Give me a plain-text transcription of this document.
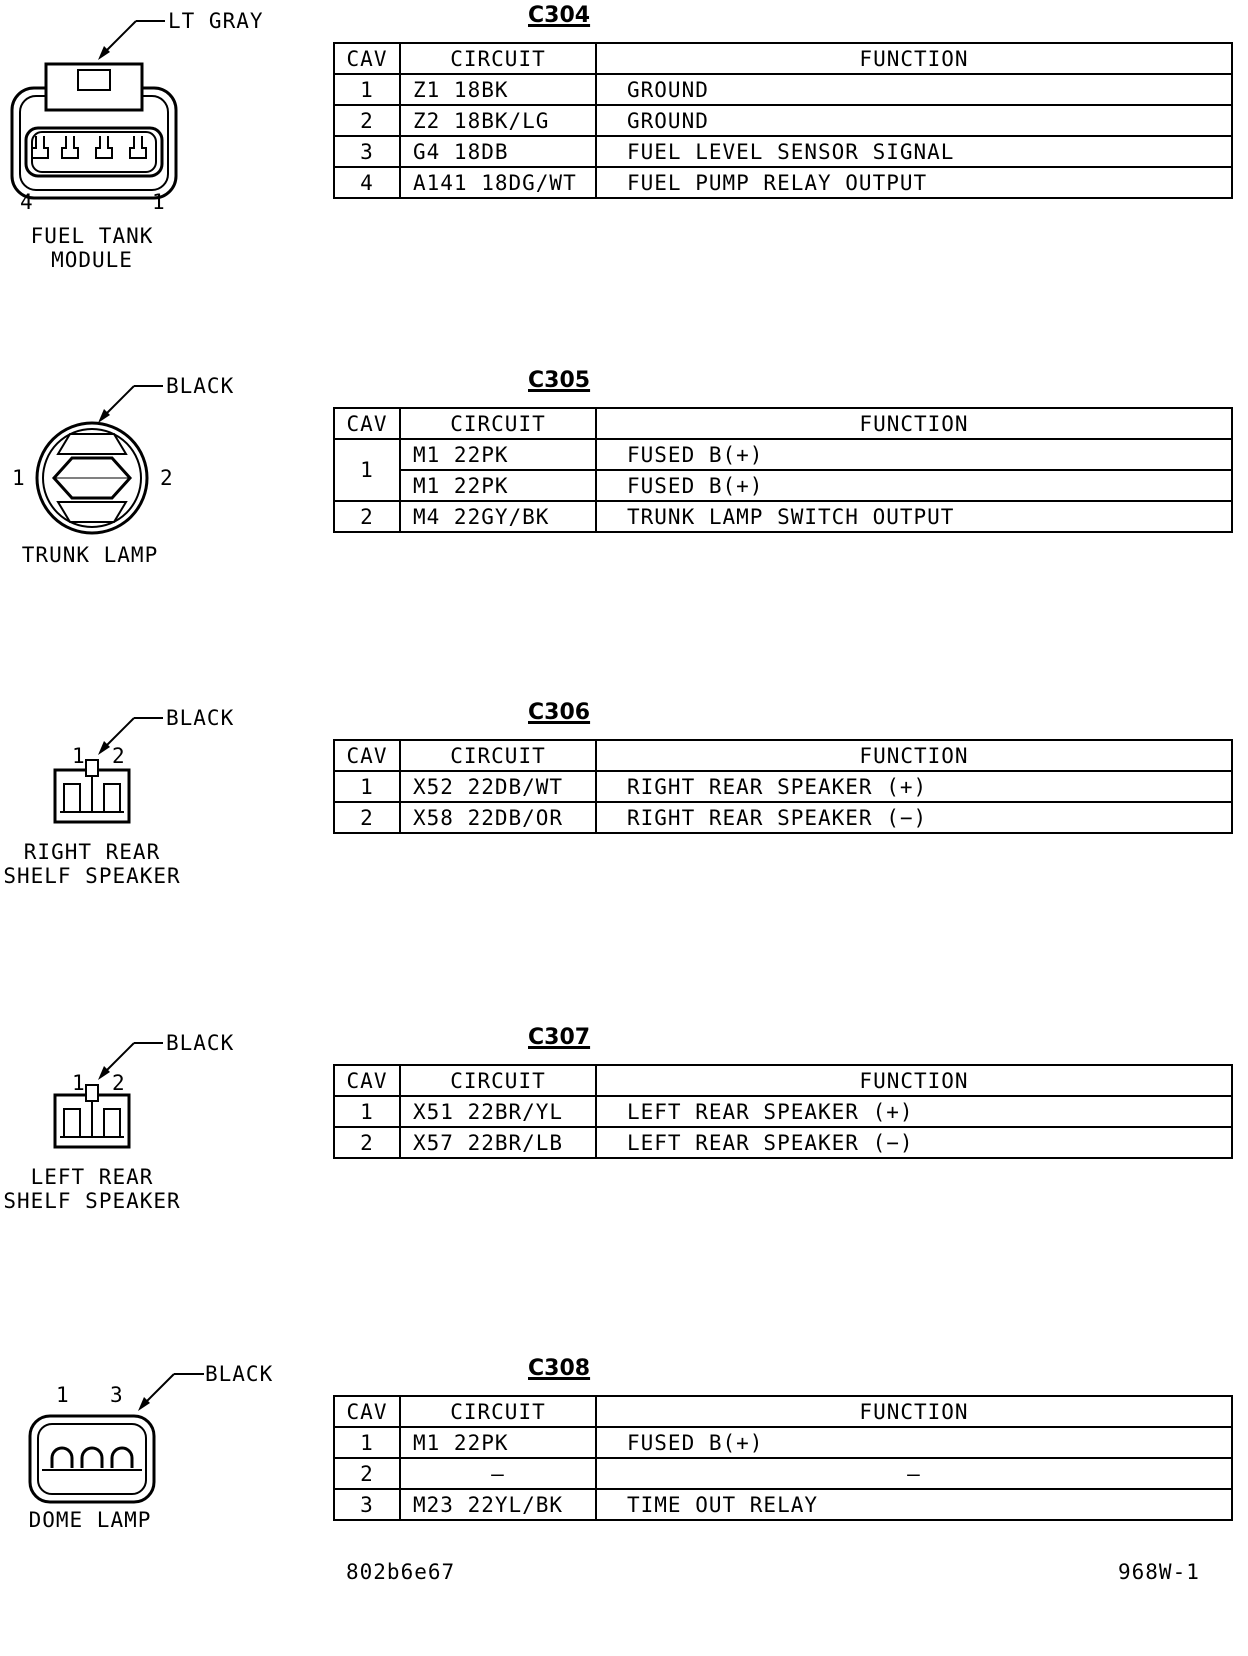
LT GRAY
4	1
FUEL TANK
MODULE
C304
CAV	CIRCUIT	FUNCTION
1	Z1 18BK	GROUND
2	Z2 18BK/LG	GROUND
3	G4 18DB	FUEL LEVEL SENSOR SIGNAL
4	A141 18DG/WT	FUEL PUMP RELAY OUTPUT
BLACK
1	2
TRUNK LAMP
C305
CAV	CIRCUIT	FUNCTION
1	M1 22PK	FUSED B(+)
	M1 22PK	FUSED B(+)
2	M4 22GY/BK	TRUNK LAMP SWITCH OUTPUT
BLACK
1 2
RIGHT REAR
SHELF SPEAKER
C306
CAV	CIRCUIT	FUNCTION
1	X52 22DB/WT	RIGHT REAR SPEAKER (+)
2	X58 22DB/OR	RIGHT REAR SPEAKER (−)
BLACK
1 2
LEFT REAR
SHELF SPEAKER
C307
CAV	CIRCUIT	FUNCTION
1	X51 22BR/YL	LEFT REAR SPEAKER (+)
2	X57 22BR/LB	LEFT REAR SPEAKER (−)
BLACK
1 3
DOME LAMP
C308
CAV	CIRCUIT	FUNCTION
1	M1 22PK	FUSED B(+)
2	–	–
3	M23 22YL/BK	TIME OUT RELAY
802b6e67	968W-1
